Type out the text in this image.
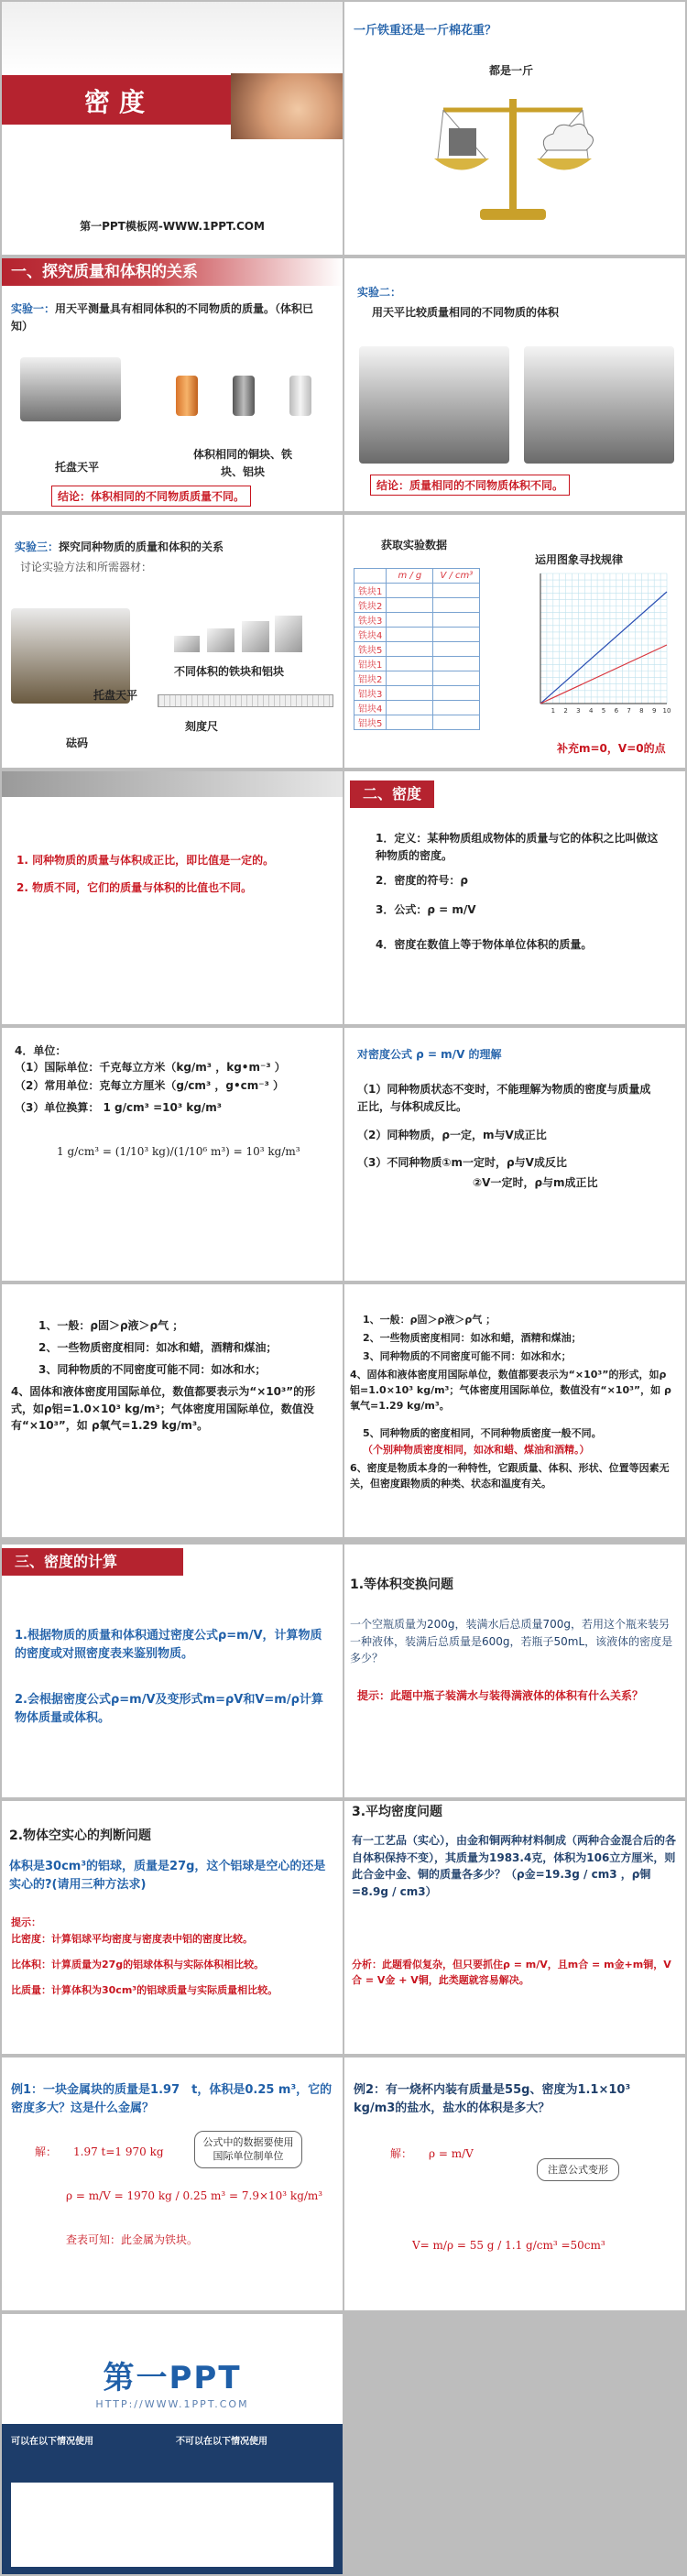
密度
第一PPT模板网-WWW.1PPT.COM
一斤铁重还是一斤棉花重？
都是一斤
一、探究质量和体积的关系
实验一：用天平测量具有相同体积的不同物质的质量。（体积已知）
托盘天平
体积相同的铜块、铁块、铝块
结论：体积相同的不同物质质量不同。
实验二：
用天平比较质量相同的不同物质的体积
结论：质量相同的不同物质体积不同。
实验三：探究同种物质的质量和体积的关系
讨论实验方法和所需器材：
不同体积的铁块和铝块
托盘天平
刻度尺
砝码
获取实验数据
运用图象寻找规律
	m / g	V / cm³
铁块1		
铁块2		
铁块3		
铁块4		
铁块5		
铝块1		
铝块2		
铝块3		
铝块4		
铝块5		
1 2 3 4 5 6 7 8 9 10
补充m=0，V=0的点
1. 同种物质的质量与体积成正比，即比值是一定的。
2. 物质不同，它们的质量与体积的比值也不同。
二、密度
1．定义：某种物质组成物体的质量与它的体积之比叫做这种物质的密度。
2．密度的符号：ρ
3．公式：ρ = m/V
4．密度在数值上等于物体单位体积的质量。
4．单位：
（1）国际单位：千克每立方米（kg/m³ ，kg•m⁻³ ）
（2）常用单位：克每立方厘米（g/cm³ ，g•cm⁻³ ）
（3）单位换算： 1 g/cm³ =10³ kg/m³
1 g/cm³ = (1/10³ kg)/(1/10⁶ m³) = 10³ kg/m³
对密度公式 ρ = m/V 的理解
（1）同种物质状态不变时，不能理解为物质的密度与质量成正比，与体积成反比。
（2）同种物质，ρ一定，m与V成正比
（3）不同种物质①m一定时，ρ与V成反比
②V一定时，ρ与m成正比
1、一般：ρ固＞ρ液＞ρ气 ；
2、一些物质密度相同：如冰和蜡，酒精和煤油；
3、同种物质的不同密度可能不同：如冰和水；
4、固体和液体密度用国际单位，数值都要表示为“×10³”的形式，如ρ铝=1.0×10³ kg/m³；气体密度用国际单位，数值没有“×10³”，如 ρ氧气=1.29 kg/m³。
1、一般：ρ固＞ρ液＞ρ气 ；
2、一些物质密度相同：如冰和蜡，酒精和煤油；
3、同种物质的不同密度可能不同：如冰和水；
4、固体和液体密度用国际单位，数值都要表示为“×10³”的形式，如ρ铝=1.0×10³ kg/m³；气体密度用国际单位，数值没有“×10³”，如 ρ氧气=1.29 kg/m³。
5、同种物质的密度相同，不同种物质密度一般不同。
（个别种物质密度相同，如冰和蜡、煤油和酒精。）
6、密度是物质本身的一种特性，它跟质量、体积、形状、位置等因素无关，但密度跟物质的种类、状态和温度有关。
三、密度的计算
1.根据物质的质量和体积通过密度公式ρ=m/V，计算物质的密度或对照密度表来鉴别物质。
2.会根据密度公式ρ=m/V及变形式m=ρV和V=m/ρ计算物体质量或体积。
1.等体积变换问题
一个空瓶质量为200g，装满水后总质量700g，若用这个瓶来装另一种液体，装满后总质量是600g，若瓶子50mL，该液体的密度是多少？
提示：此题中瓶子装满水与装得满液体的体积有什么关系？
2.物体空实心的判断问题
体积是30cm³的铝球，质量是27g，这个铝球是空心的还是实心的?(请用三种方法求)
提示：
比密度：计算铝球平均密度与密度表中铝的密度比较。
比体积：计算质量为27g的铝球体积与实际体积相比较。
比质量：计算体积为30cm³的铝球质量与实际质量相比较。
3.平均密度问题
有一工艺品（实心），由金和铜两种材料制成（两种合金混合后的各自体积保持不变），其质量为1983.4克，体积为106立方厘米，则此合金中金、铜的质量各多少？（ρ金=19.3g / cm3 ，ρ铜=8.9g / cm3）
分析：此题看似复杂，但只要抓住ρ = m/V，且m合 = m金+m铜，V合 = V金 + V铜，此类题就容易解决。
例1：一块金属块的质量是1.97　t，体积是0.25 m³，它的密度多大？这是什么金属？
公式中的数据要使用国际单位制单位
解： 1.97 t=1 970 kg
ρ = m/V = 1970 kg / 0.25 m³ = 7.9×10³ kg/m³
查表可知：此金属为铁块。
例2：有一烧杯内装有质量是55g、密度为1.1×10³　kg/m3的盐水，盐水的体积是多大？
注意公式变形
解： ρ = m/V
V= m/ρ = 55 g / 1.1 g/cm³ =50cm³
第一PPT
HTTP://WWW.1PPT.COM
可以在以下情况使用	不可以在以下情况使用
